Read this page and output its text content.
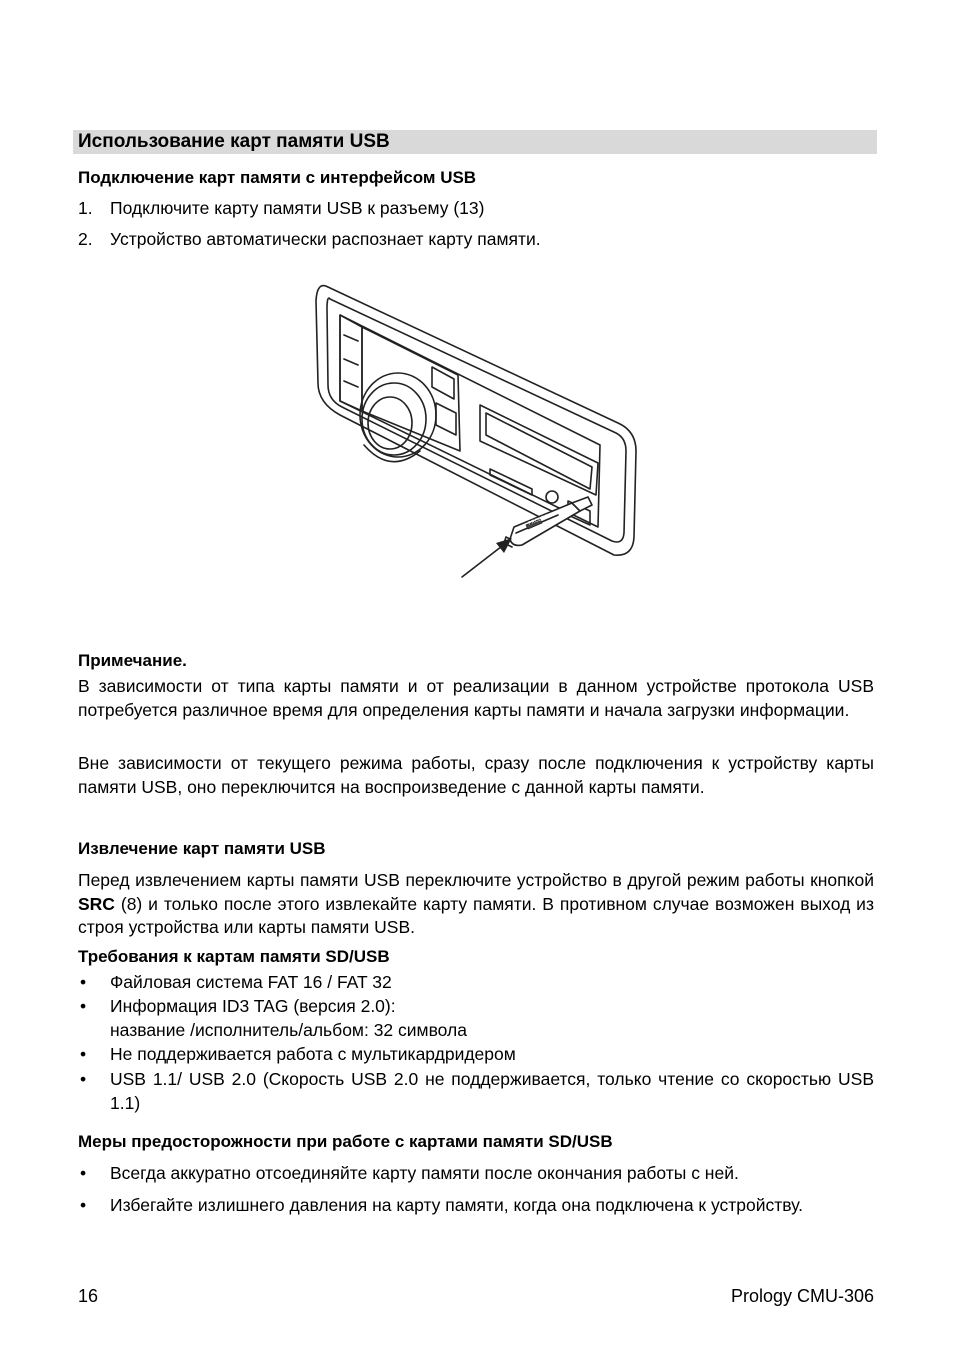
Использование карт памяти USB
Подключение карт памяти с интерфейсом USB
1. Подключите карту памяти USB к разъему (13)
2. Устройство автоматически распознает карту памяти.
PROLOGY
Примечание.
В зависимости от типа карты памяти и от реализации в данном устройстве протокола USB потребуется различное время для определения карты памяти и начала загрузки информации.
Вне зависимости от текущего режима работы, сразу после подключения к устройству карты памяти USB, оно переключится на воспроизведение с данной карты памяти.
Извлечение карт памяти USB
Перед извлечением карты памяти USB переключите устройство в другой режим работы кнопкой SRC (8) и только после этого извлекайте карту памяти. В противном случае возможен выход из строя устройства или карты памяти USB.
Требования к картам памяти SD/USB
• Файловая система FAT 16 / FAT 32
• Информация ID3 TAG (версия 2.0):
название /исполнитель/альбом: 32 символа
• Не поддерживается работа с мультикардридером
• USB 1.1/ USB 2.0 (Скорость USB 2.0 не поддерживается, только чтение со скоростью USB 1.1)
Меры предосторожности при работе с картами памяти SD/USB
• Всегда аккуратно отсоединяйте карту памяти после окончания работы с ней.
• Избегайте излишнего давления на карту памяти, когда она подключена к устройству.
16	Prology CMU-306
